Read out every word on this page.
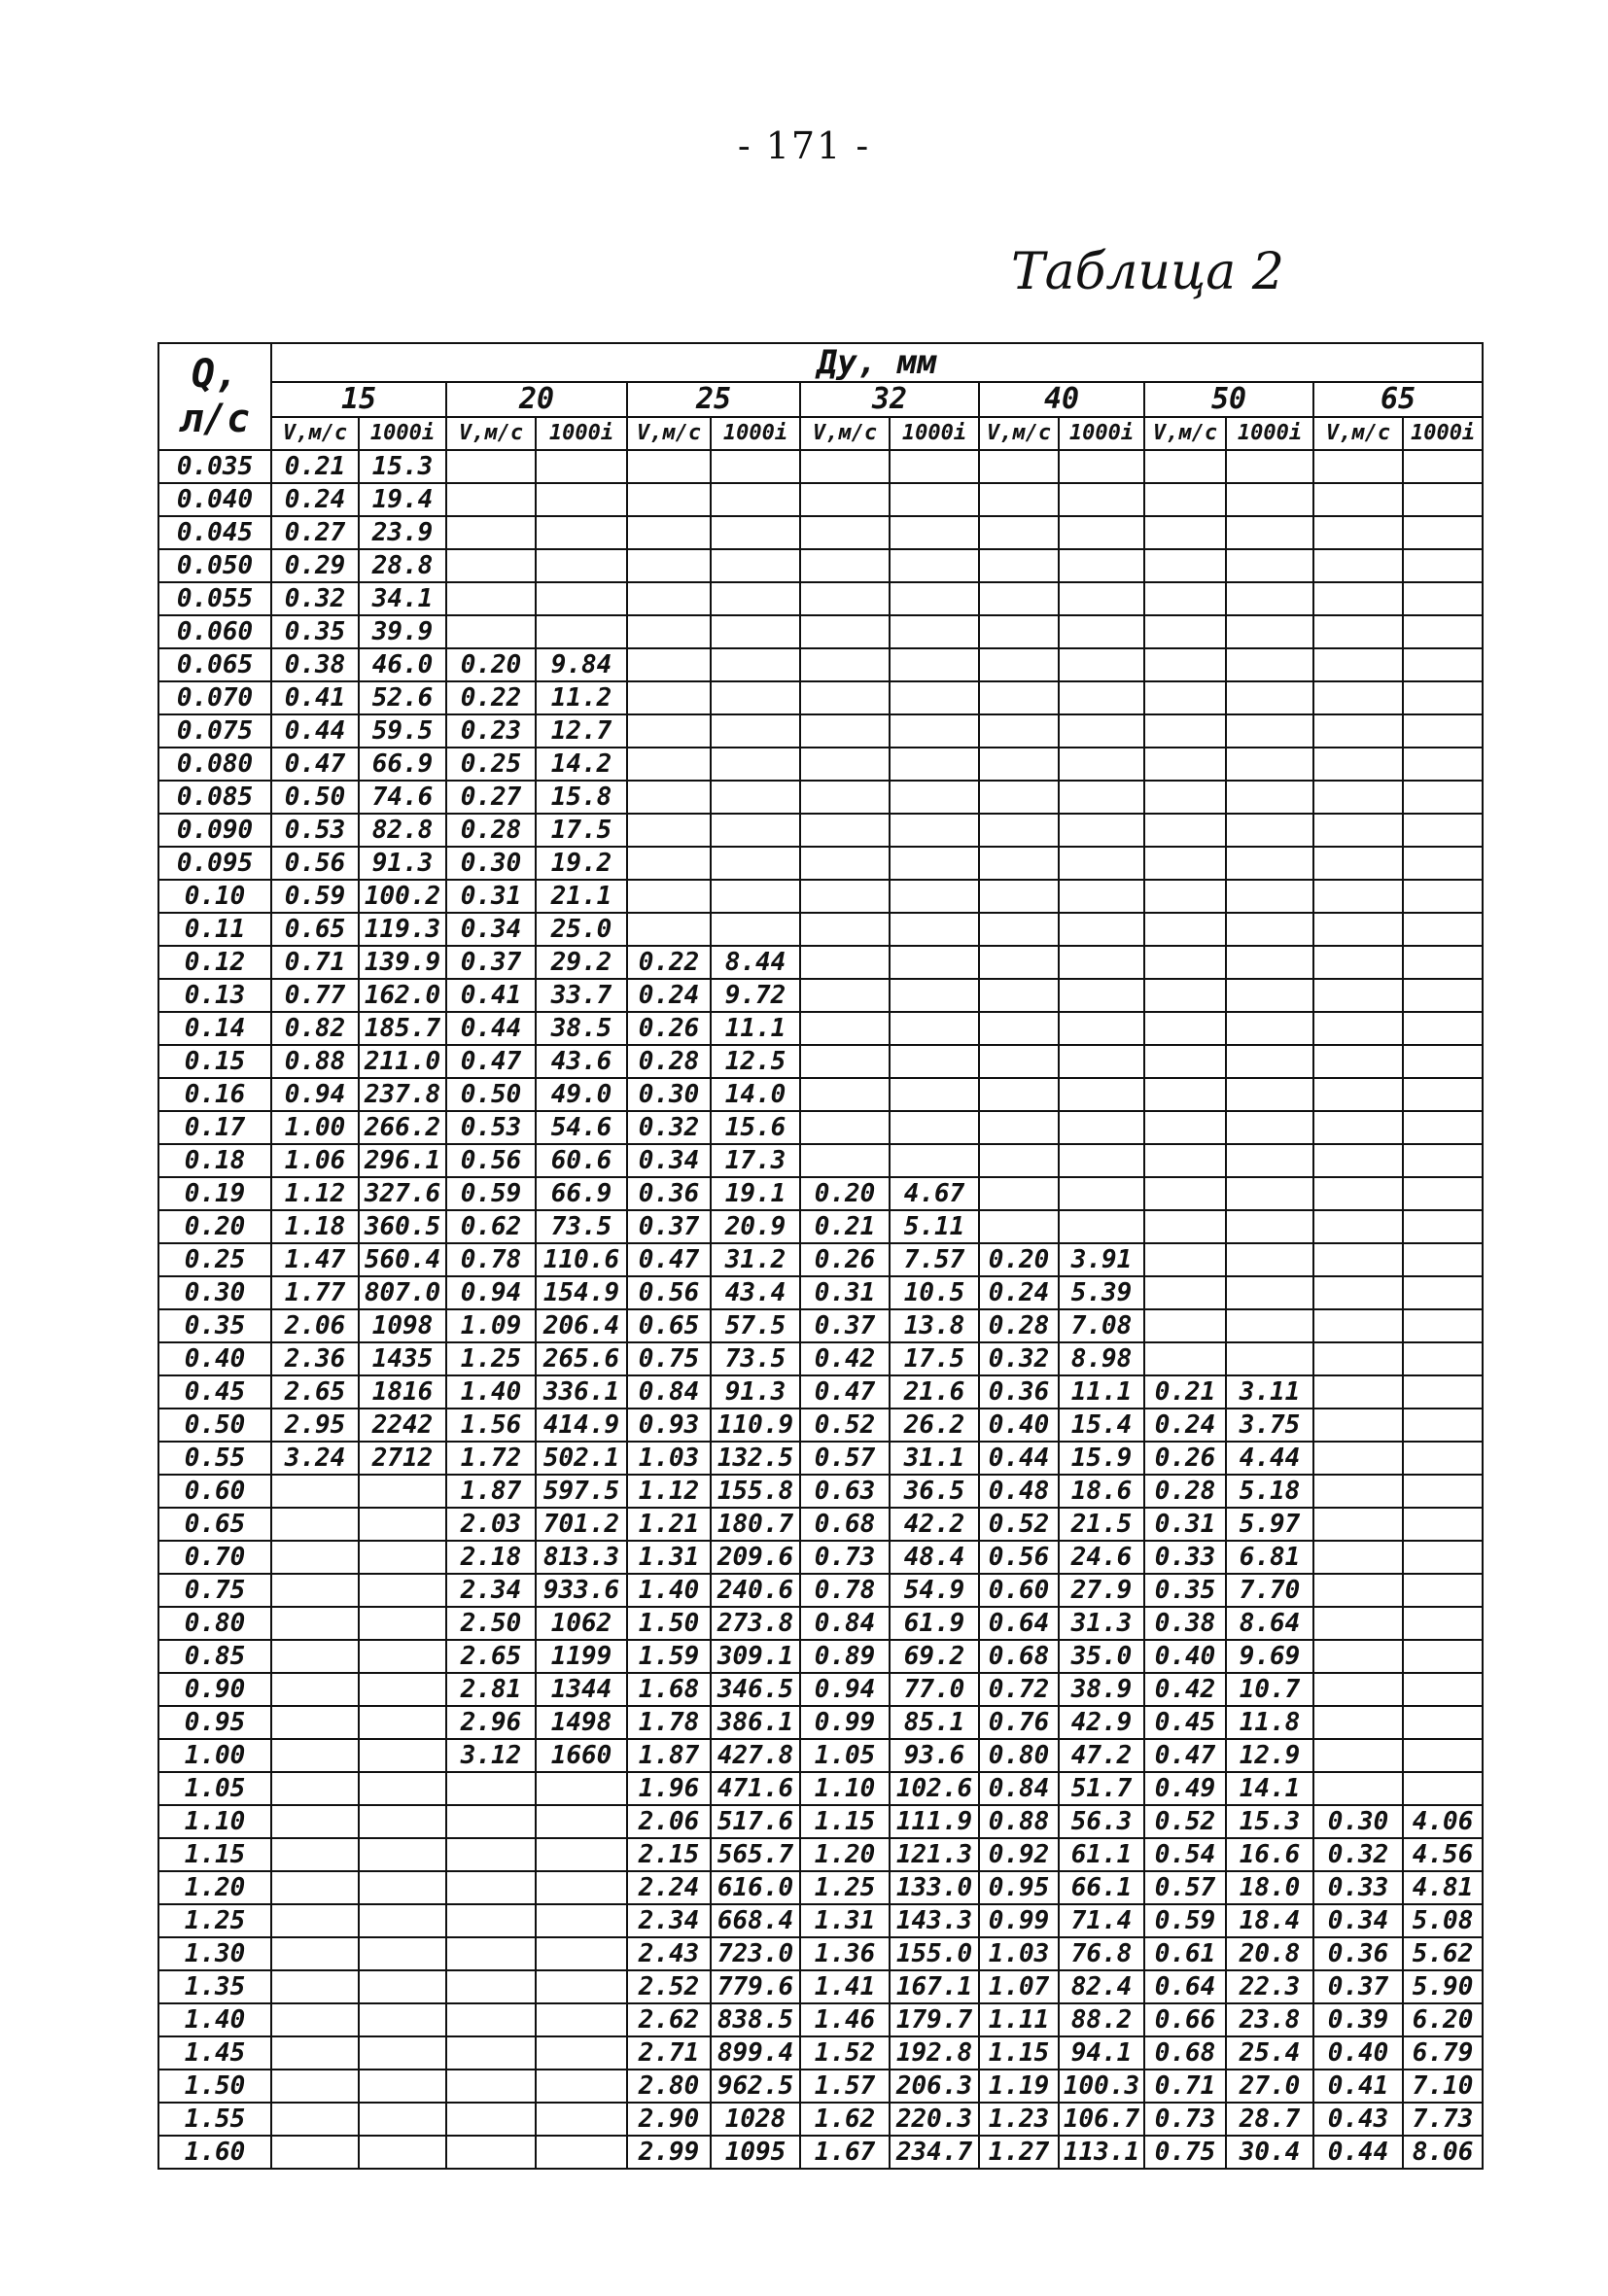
- 171 -
Таблица 2
Q,
л/с	Ду, мм													
	15		20		25		32		40		50		65	
	V,м/с	1000i	V,м/с	1000i	V,м/с	1000i	V,м/с	1000i	V,м/с	1000i	V,м/с	1000i	V,м/с	1000i
0.035	0.21	15.3												
0.040	0.24	19.4												
0.045	0.27	23.9												
0.050	0.29	28.8												
0.055	0.32	34.1												
0.060	0.35	39.9												
0.065	0.38	46.0	0.20	9.84										
0.070	0.41	52.6	0.22	11.2										
0.075	0.44	59.5	0.23	12.7										
0.080	0.47	66.9	0.25	14.2										
0.085	0.50	74.6	0.27	15.8										
0.090	0.53	82.8	0.28	17.5										
0.095	0.56	91.3	0.30	19.2										
0.10	0.59	100.2	0.31	21.1										
0.11	0.65	119.3	0.34	25.0										
0.12	0.71	139.9	0.37	29.2	0.22	8.44								
0.13	0.77	162.0	0.41	33.7	0.24	9.72								
0.14	0.82	185.7	0.44	38.5	0.26	11.1								
0.15	0.88	211.0	0.47	43.6	0.28	12.5								
0.16	0.94	237.8	0.50	49.0	0.30	14.0								
0.17	1.00	266.2	0.53	54.6	0.32	15.6								
0.18	1.06	296.1	0.56	60.6	0.34	17.3								
0.19	1.12	327.6	0.59	66.9	0.36	19.1	0.20	4.67						
0.20	1.18	360.5	0.62	73.5	0.37	20.9	0.21	5.11						
0.25	1.47	560.4	0.78	110.6	0.47	31.2	0.26	7.57	0.20	3.91				
0.30	1.77	807.0	0.94	154.9	0.56	43.4	0.31	10.5	0.24	5.39				
0.35	2.06	1098	1.09	206.4	0.65	57.5	0.37	13.8	0.28	7.08				
0.40	2.36	1435	1.25	265.6	0.75	73.5	0.42	17.5	0.32	8.98				
0.45	2.65	1816	1.40	336.1	0.84	91.3	0.47	21.6	0.36	11.1	0.21	3.11		
0.50	2.95	2242	1.56	414.9	0.93	110.9	0.52	26.2	0.40	15.4	0.24	3.75		
0.55	3.24	2712	1.72	502.1	1.03	132.5	0.57	31.1	0.44	15.9	0.26	4.44		
0.60			1.87	597.5	1.12	155.8	0.63	36.5	0.48	18.6	0.28	5.18		
0.65			2.03	701.2	1.21	180.7	0.68	42.2	0.52	21.5	0.31	5.97		
0.70			2.18	813.3	1.31	209.6	0.73	48.4	0.56	24.6	0.33	6.81		
0.75			2.34	933.6	1.40	240.6	0.78	54.9	0.60	27.9	0.35	7.70		
0.80			2.50	1062	1.50	273.8	0.84	61.9	0.64	31.3	0.38	8.64		
0.85			2.65	1199	1.59	309.1	0.89	69.2	0.68	35.0	0.40	9.69		
0.90			2.81	1344	1.68	346.5	0.94	77.0	0.72	38.9	0.42	10.7		
0.95			2.96	1498	1.78	386.1	0.99	85.1	0.76	42.9	0.45	11.8		
1.00			3.12	1660	1.87	427.8	1.05	93.6	0.80	47.2	0.47	12.9		
1.05					1.96	471.6	1.10	102.6	0.84	51.7	0.49	14.1		
1.10					2.06	517.6	1.15	111.9	0.88	56.3	0.52	15.3	0.30	4.06
1.15					2.15	565.7	1.20	121.3	0.92	61.1	0.54	16.6	0.32	4.56
1.20					2.24	616.0	1.25	133.0	0.95	66.1	0.57	18.0	0.33	4.81
1.25					2.34	668.4	1.31	143.3	0.99	71.4	0.59	18.4	0.34	5.08
1.30					2.43	723.0	1.36	155.0	1.03	76.8	0.61	20.8	0.36	5.62
1.35					2.52	779.6	1.41	167.1	1.07	82.4	0.64	22.3	0.37	5.90
1.40					2.62	838.5	1.46	179.7	1.11	88.2	0.66	23.8	0.39	6.20
1.45					2.71	899.4	1.52	192.8	1.15	94.1	0.68	25.4	0.40	6.79
1.50					2.80	962.5	1.57	206.3	1.19	100.3	0.71	27.0	0.41	7.10
1.55					2.90	1028	1.62	220.3	1.23	106.7	0.73	28.7	0.43	7.73
1.60					2.99	1095	1.67	234.7	1.27	113.1	0.75	30.4	0.44	8.06
